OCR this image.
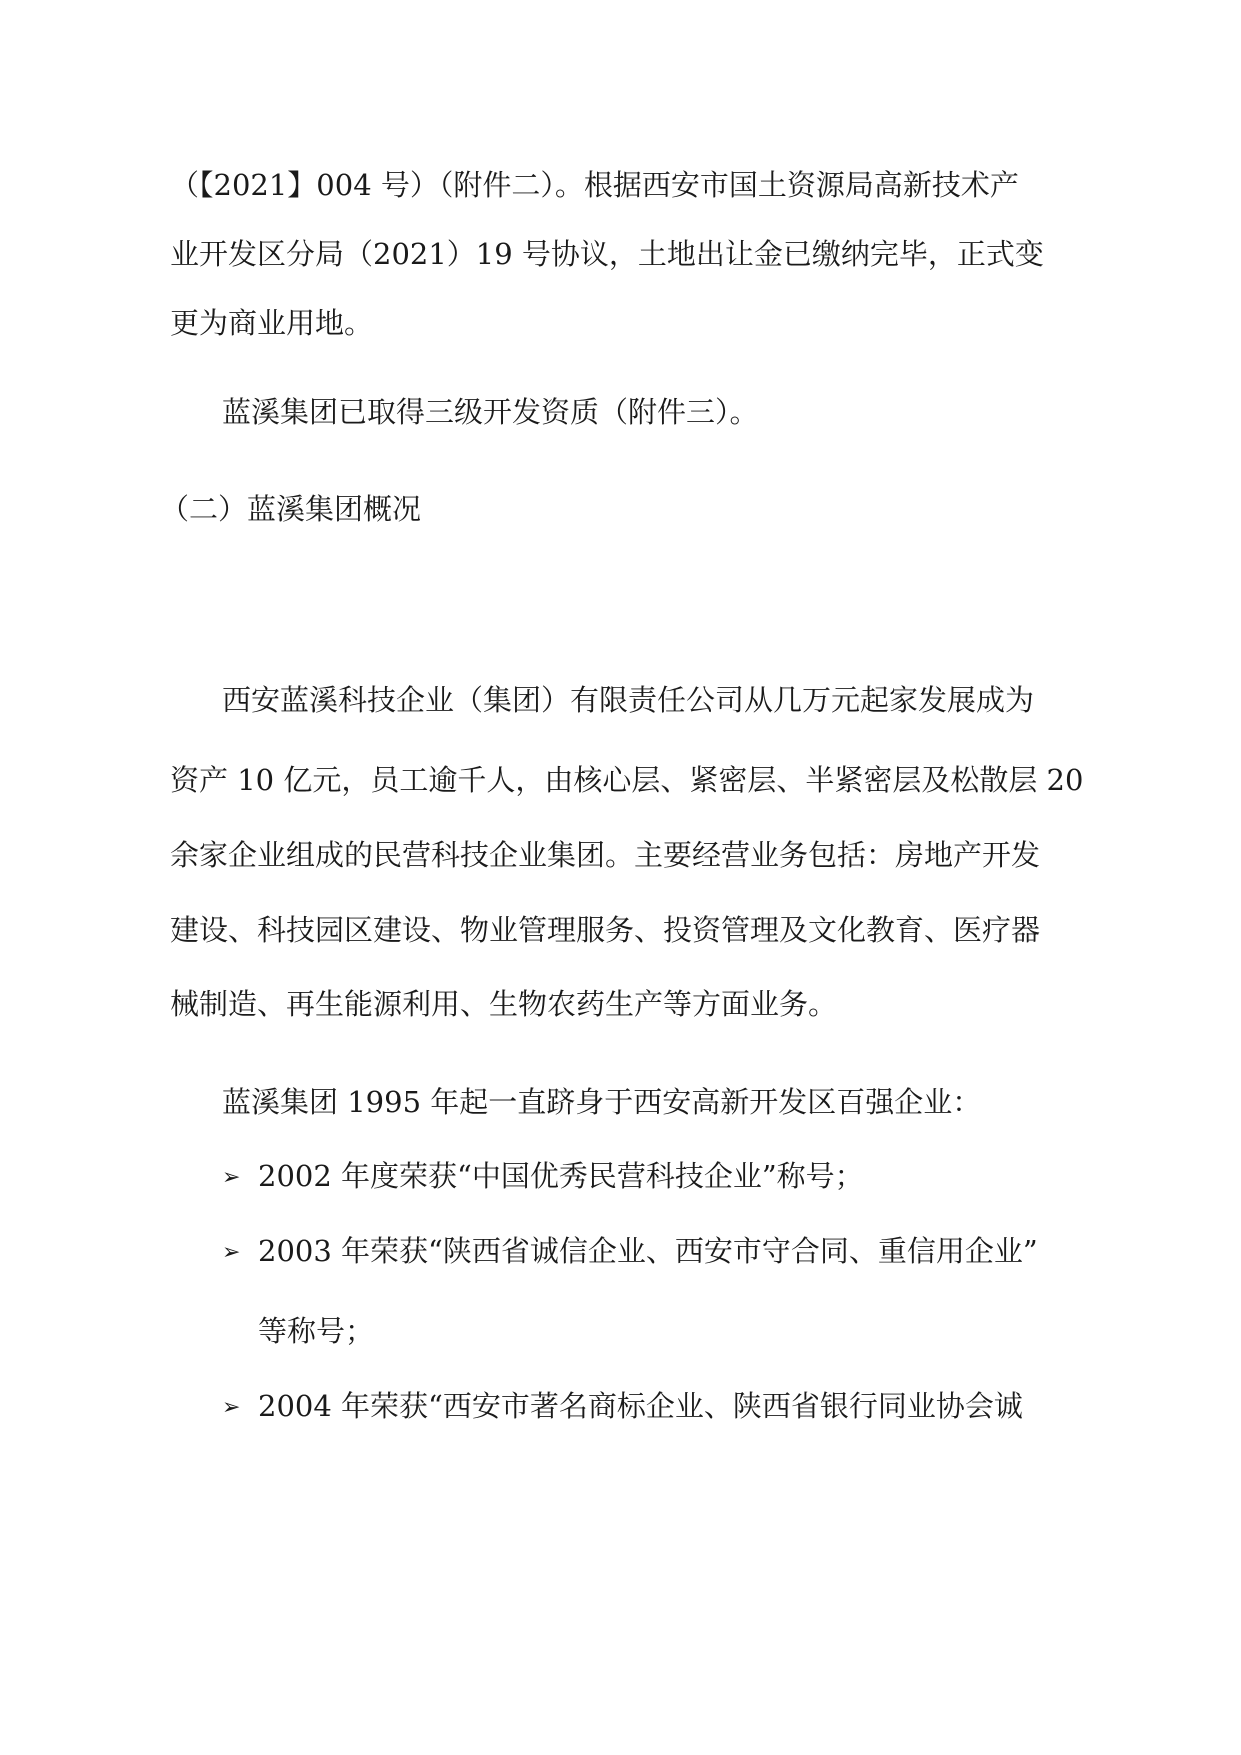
（【2021】004 号）（附件二）。根据西安市国土资源局高新技术产
业开发区分局（2021）19 号协议，土地出让金已缴纳完毕，正式变
更为商业用地。
蓝溪集团已取得三级开发资质（附件三）。
（二）蓝溪集团概况
西安蓝溪科技企业（集团）有限责任公司从几万元起家发展成为
资产 10 亿元，员工逾千人，由核心层、紧密层、半紧密层及松散层 20
余家企业组成的民营科技企业集团。主要经营业务包括：房地产开发
建设、科技园区建设、物业管理服务、投资管理及文化教育、医疗器
械制造、再生能源利用、生物农药生产等方面业务。
蓝溪集团 1995 年起一直跻身于西安高新开发区百强企业：
➢ 2002 年度荣获“中国优秀民营科技企业”称号；
➢ 2003 年荣获“陕西省诚信企业、西安市守合同、重信用企业”
等称号；
➢ 2004 年荣获“西安市著名商标企业、陕西省银行同业协会诚
